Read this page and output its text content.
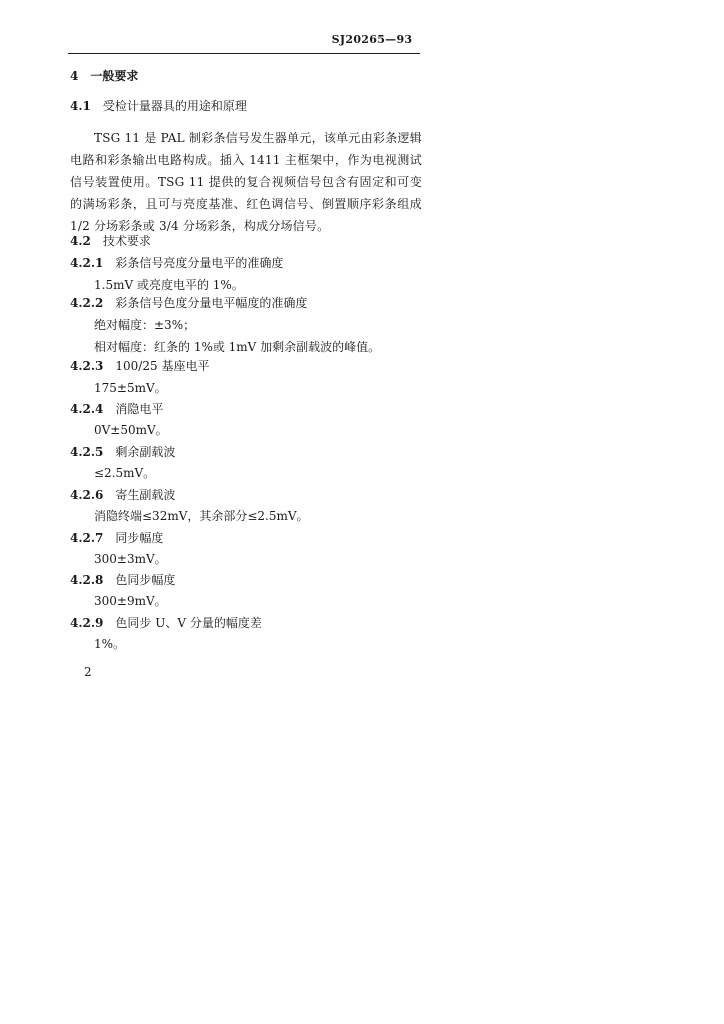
SJ20265—93
4 一般要求
4.1 受检计量器具的用途和原理
TSG 11 是 PAL 制彩条信号发生器单元，该单元由彩条逻辑电路和彩条输出电路构成。插入 1411 主框架中，作为电视测试信号装置使用。TSG 11 提供的复合视频信号包含有固定和可变的满场彩条，且可与亮度基准、红色调信号、倒置顺序彩条组成 1/2 分场彩条或 3/4 分场彩条，构成分场信号。
4.2 技术要求
4.2.1 彩条信号亮度分量电平的准确度
1.5mV 或亮度电平的 1%。
4.2.2 彩条信号色度分量电平幅度的准确度
绝对幅度：±3%；
相对幅度：红条的 1%或 1mV 加剩余副载波的峰值。
4.2.3 100/25 基座电平
175±5mV。
4.2.4 消隐电平
0V±50mV。
4.2.5 剩余副载波
≤2.5mV。
4.2.6 寄生副载波
消隐终端≤32mV，其余部分≤2.5mV。
4.2.7 同步幅度
300±3mV。
4.2.8 色同步幅度
300±9mV。
4.2.9 色同步 U、V 分量的幅度差
1%。
2
